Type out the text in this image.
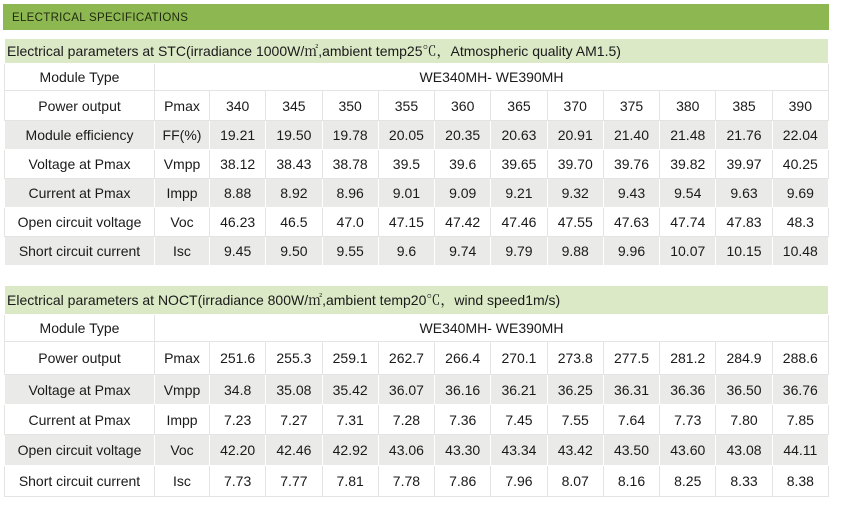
ELECTRICAL SPECIFICATIONS
Electrical parameters at STC(irradiance 1000W/㎡,ambient temp25℃，Atmospheric quality AM1.5)												
Module Type	WE340MH- WE390MH											
Power output	Pmax	340	345	350	355	360	365	370	375	380	385	390
Module efficiency	FF(%)	19.21	19.50	19.78	20.05	20.35	20.63	20.91	21.40	21.48	21.76	22.04
Voltage at Pmax	Vmpp	38.12	38.43	38.78	39.5	39.6	39.65	39.70	39.76	39.82	39.97	40.25
Current at Pmax	Impp	8.88	8.92	8.96	9.01	9.09	9.21	9.32	9.43	9.54	9.63	9.69
Open circuit voltage	Voc	46.23	46.5	47.0	47.15	47.42	47.46	47.55	47.63	47.74	47.83	48.3
Short circuit current	Isc	9.45	9.50	9.55	9.6	9.74	9.79	9.88	9.96	10.07	10.15	10.48
Electrical parameters at NOCT(irradiance 800W/㎡,ambient temp20℃，wind speed1m/s)												
Module Type	WE340MH- WE390MH											
Power output	Pmax	251.6	255.3	259.1	262.7	266.4	270.1	273.8	277.5	281.2	284.9	288.6
Voltage at Pmax	Vmpp	34.8	35.08	35.42	36.07	36.16	36.21	36.25	36.31	36.36	36.50	36.76
Current at Pmax	Impp	7.23	7.27	7.31	7.28	7.36	7.45	7.55	7.64	7.73	7.80	7.85
Open circuit voltage	Voc	42.20	42.46	42.92	43.06	43.30	43.34	43.42	43.50	43.60	43.08	44.11
Short circuit current	Isc	7.73	7.77	7.81	7.78	7.86	7.96	8.07	8.16	8.25	8.33	8.38
